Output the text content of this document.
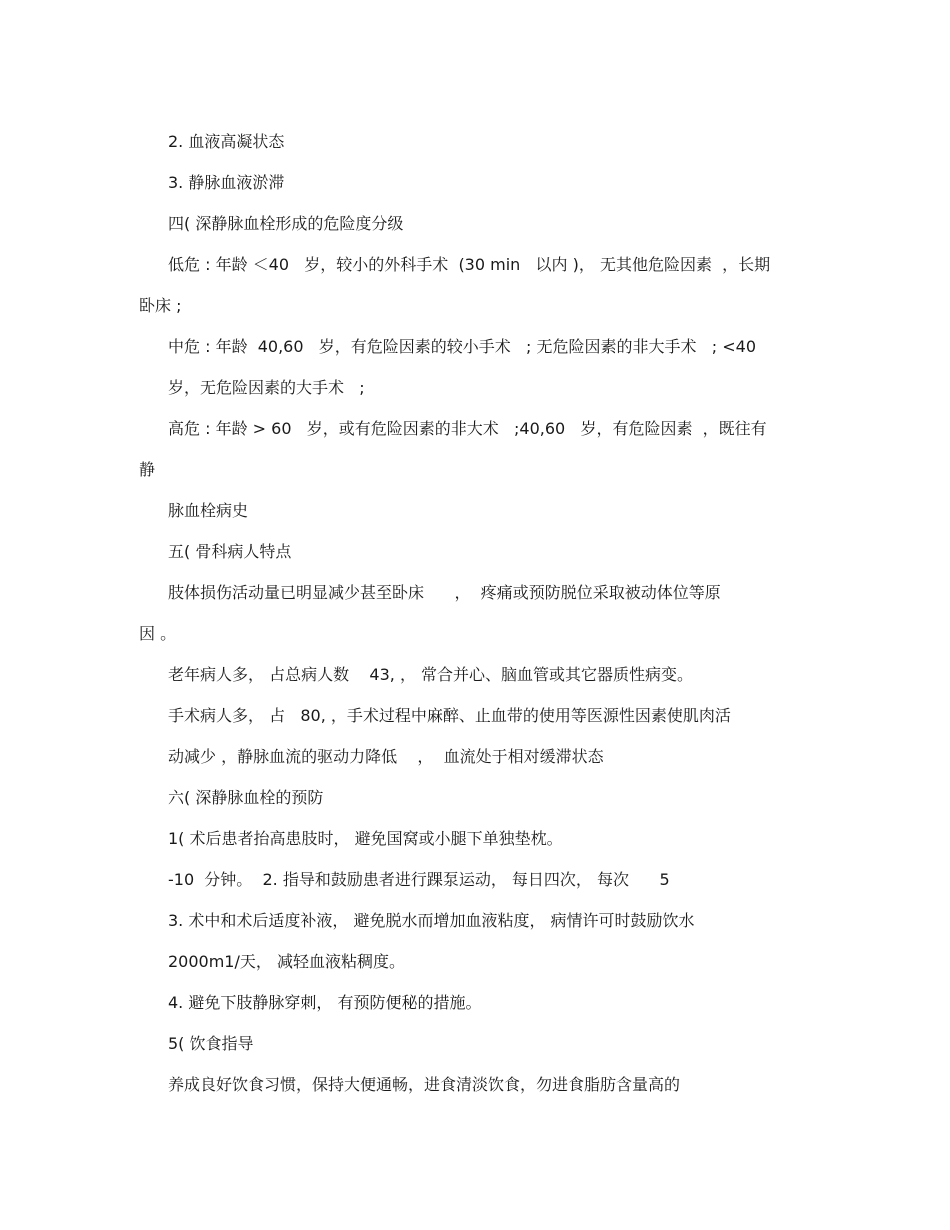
2. 血液高凝状态
3. 静脉血液淤滞
四( 深静脉血栓形成的危险度分级
低危 : 年龄 ＜40   岁，较小的外科手术  (30 min   以内 )， 无其他危险因素  ，长期
卧床 ;
中危 : 年龄  40,60   岁，有危险因素的较小手术   ; 无危险因素的非大手术   ; <40
岁，无危险因素的大手术   ;
高危 : 年龄 > 60   岁，或有危险因素的非大术   ;40,60   岁，有危险因素  ，既往有
静
脉血栓病史
五( 骨科病人特点
肢体损伤活动量已明显减少甚至卧床      ，  疼痛或预防脱位采取被动体位等原
因 。
老年病人多， 占总病人数    43, ， 常合并心、脑血管或其它器质性病变。
手术病人多， 占   80, ，手术过程中麻醉、止血带的使用等医源性因素使肌肉活
动减少 ，静脉血流的驱动力降低    ，  血流处于相对缓滞状态
六( 深静脉血栓的预防
1( 术后患者抬高患肢时， 避免国窝或小腿下单独垫枕。
-10  分钟。  2. 指导和鼓励患者进行踝泵运动， 每日四次， 每次      5
3. 术中和术后适度补液， 避免脱水而增加血液粘度， 病情许可时鼓励饮水
2000m1/天， 减轻血液粘稠度。
4. 避免下肢静脉穿刺， 有预防便秘的措施。
5( 饮食指导
养成良好饮食习惯，保持大便通畅，进食清淡饮食，勿进食脂肪含量高的
